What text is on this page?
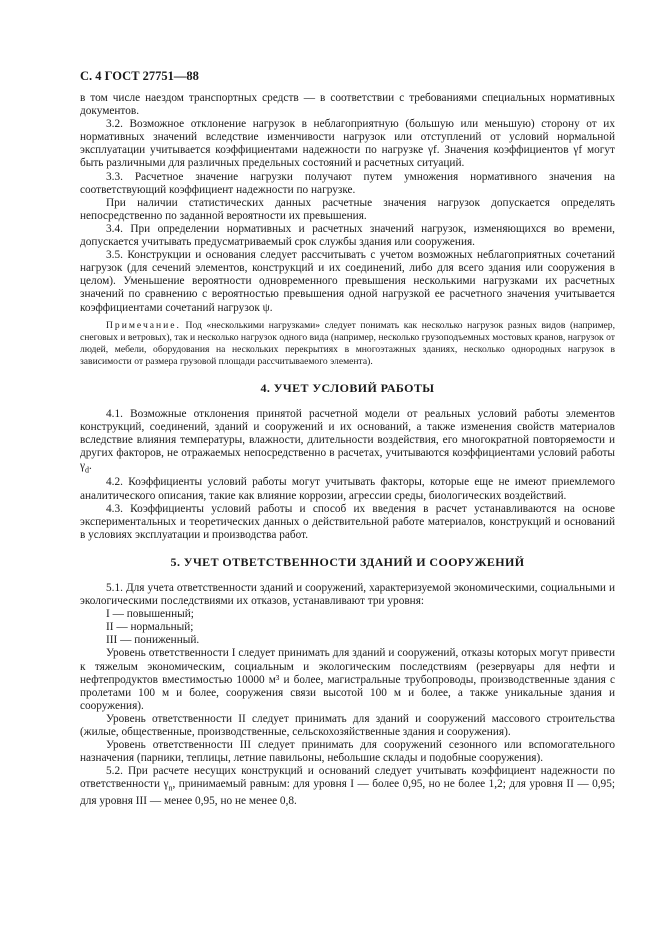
С. 4 ГОСТ 27751—88

в том числе наездом транспортных средств — в соответствии с требованиями специальных нормативных документов.

3.2. Возможное отклонение нагрузок в неблагоприятную (большую или меньшую) сторону от их нормативных значений вследствие изменчивости нагрузок или отступлений от условий нормальной эксплуатации учитывается коэффициентами надежности по нагрузке γf. Значения коэффициентов γf могут быть различными для различных предельных состояний и расчетных ситуаций.

3.3. Расчетное значение нагрузки получают путем умножения нормативного значения на соответствующий коэффициент надежности по нагрузке.

При наличии статистических данных расчетные значения нагрузок допускается определять непосредственно по заданной вероятности их превышения.

3.4. При определении нормативных и расчетных значений нагрузок, изменяющихся во времени, допускается учитывать предусматриваемый срок службы здания или сооружения.

3.5. Конструкции и основания следует рассчитывать с учетом возможных неблагоприятных сочетаний нагрузок (для сечений элементов, конструкций и их соединений, либо для всего здания или сооружения в целом). Уменьшение вероятности одновременного превышения несколькими нагрузками их расчетных значений по сравнению с вероятностью превышения одной нагрузкой ее расчетного значения учитывается коэффициентами сочетаний нагрузок ψ.

Примечание. Под «несколькими нагрузками» следует понимать как несколько нагрузок разных видов (например, снеговых и ветровых), так и несколько нагрузок одного вида (например, несколько грузоподъемных мостовых кранов, нагрузок от людей, мебели, оборудования на нескольких перекрытиях в многоэтажных зданиях, несколько однородных нагрузок в зависимости от размера грузовой площади рассчитываемого элемента).

4. УЧЕТ УСЛОВИЙ РАБОТЫ

4.1. Возможные отклонения принятой расчетной модели от реальных условий работы элементов конструкций, соединений, зданий и сооружений и их оснований, а также изменения свойств материалов вследствие влияния температуры, влажности, длительности воздействия, его многократной повторяемости и других факторов, не отражаемых непосредственно в расчетах, учитываются коэффициентами условий работы $\gamma_d$.

4.2. Коэффициенты условий работы могут учитывать факторы, которые еще не имеют приемлемого аналитического описания, такие как влияние коррозии, агрессии среды, биологических воздействий.

4.3. Коэффициенты условий работы и способ их введения в расчет устанавливаются на основе экспериментальных и теоретических данных о действительной работе материалов, конструкций и оснований в условиях эксплуатации и производства работ.

5. УЧЕТ ОТВЕТСТВЕННОСТИ ЗДАНИЙ И СООРУЖЕНИЙ

5.1. Для учета ответственности зданий и сооружений, характеризуемой экономическими, социальными и экологическими последствиями их отказов, устанавливают три уровня:

I — повышенный;

II — нормальный;

III — пониженный.

Уровень ответственности I следует принимать для зданий и сооружений, отказы которых могут привести к тяжелым экономическим, социальным и экологическим последствиям (резервуары для нефти и нефтепродуктов вместимостью 10000 м³ и более, магистральные трубопроводы, производственные здания с пролетами 100 м и более, сооружения связи высотой 100 м и более, а также уникальные здания и сооружения).

Уровень ответственности II следует принимать для зданий и сооружений массового строительства (жилые, общественные, производственные, сельскохозяйственные здания и сооружения).

Уровень ответственности III следует принимать для сооружений сезонного или вспомогательного назначения (парники, теплицы, летние павильоны, небольшие склады и подобные сооружения).

5.2. При расчете несущих конструкций и оснований следует учитывать коэффициент надежности по ответственности $\gamma_n$, принимаемый равным: для уровня I — более 0,95, но не более 1,2; для уровня II — 0,95; для уровня III — менее 0,95, но не менее 0,8.
